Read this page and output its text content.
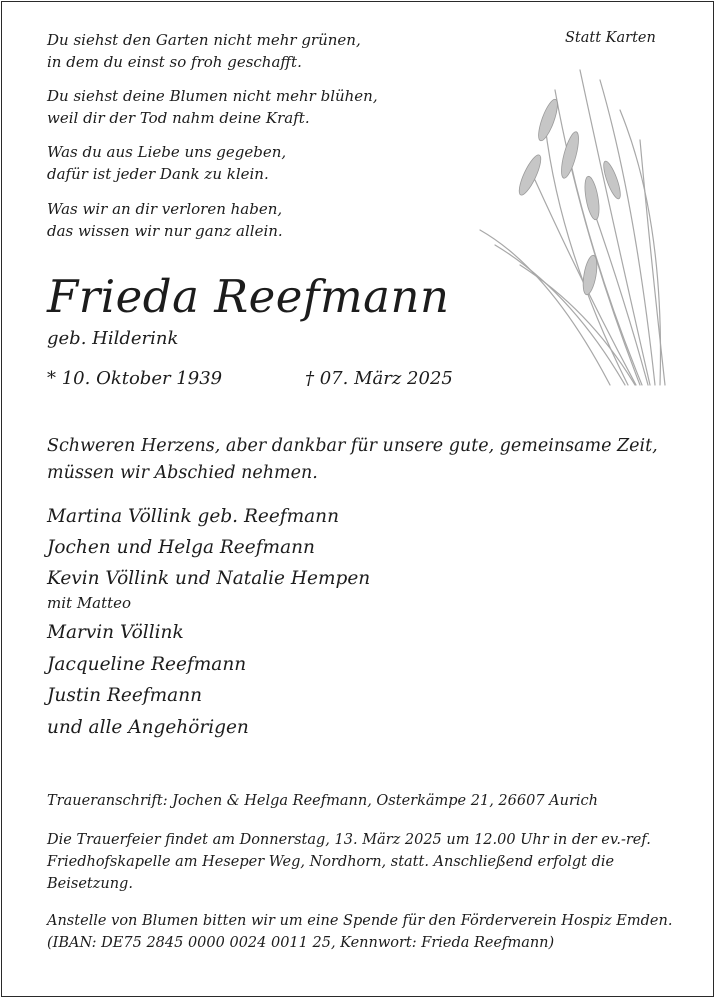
Statt Karten
Du siehst den Garten nicht mehr grünen,
in dem du einst so froh geschafft.
Du siehst deine Blumen nicht mehr blühen,
weil dir der Tod nahm deine Kraft.
Was du aus Liebe uns gegeben,
dafür ist jeder Dank zu klein.
Was wir an dir verloren haben,
das wissen wir nur ganz allein.
Frieda Reefmann
geb. Hilderink
* 10. Oktober 1939	† 07. März 2025
Schweren Herzens, aber dankbar für unsere gute, gemeinsame Zeit,
müssen wir Abschied nehmen.
Martina Völlink geb. Reefmann
Jochen und Helga Reefmann
Kevin Völlink und Natalie Hempen
mit Matteo
Marvin Völlink
Jacqueline Reefmann
Justin Reefmann
und alle Angehörigen
Traueranschrift: Jochen & Helga Reefmann, Osterkämpe 21, 26607 Aurich
Die Trauerfeier findet am Donnerstag, 13. März 2025 um 12.00 Uhr in der ev.-ref. Friedhofskapelle am Heseper Weg, Nordhorn, statt. Anschließend erfolgt die Beisetzung.
Anstelle von Blumen bitten wir um eine Spende für den Förderverein Hospiz Emden. (IBAN: DE75 2845 0000 0024 0011 25, Kennwort: Frieda Reefmann)
